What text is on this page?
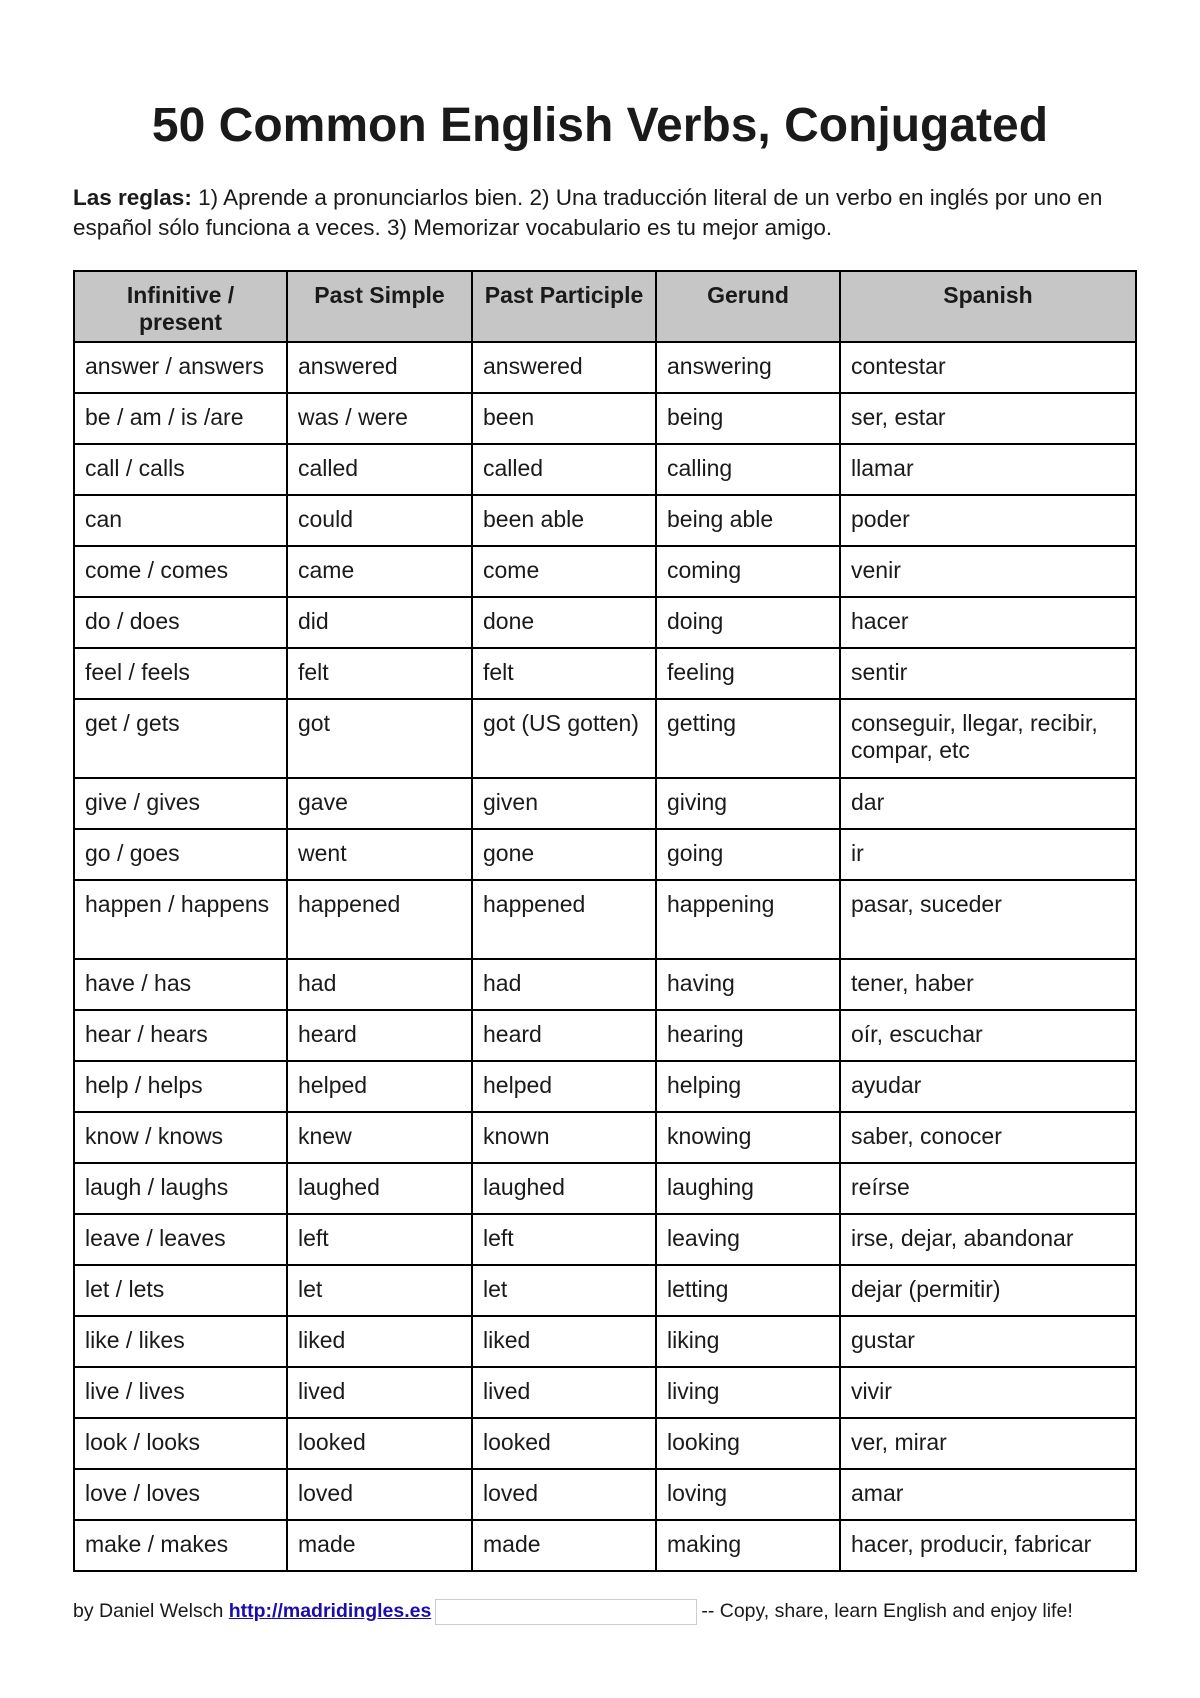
50 Common English Verbs, Conjugated

Las reglas: 1) Aprende a pronunciarlos bien. 2) Una traducción literal de un verbo en inglés por uno en español sólo funciona a veces. 3) Memorizar vocabulario es tu mejor amigo.

Infinitive / present	Past Simple	Past Participle	Gerund	Spanish
answer / answers	answered	answered	answering	contestar
be / am / is /are	was / were	been	being	ser, estar
call / calls	called	called	calling	llamar
can	could	been able	being able	poder
come / comes	came	come	coming	venir
do / does	did	done	doing	hacer
feel / feels	felt	felt	feeling	sentir
get / gets	got	got (US gotten)	getting	conseguir, llegar, recibir, compar, etc
give / gives	gave	given	giving	dar
go / goes	went	gone	going	ir
happen / happens	happened	happened	happening	pasar, suceder
have / has	had	had	having	tener, haber
hear / hears	heard	heard	hearing	oír, escuchar
help / helps	helped	helped	helping	ayudar
know / knows	knew	known	knowing	saber, conocer
laugh / laughs	laughed	laughed	laughing	reírse
leave / leaves	left	left	leaving	irse, dejar, abandonar
let / lets	let	let	letting	dejar (permitir)
like / likes	liked	liked	liking	gustar
live / lives	lived	lived	living	vivir
look / looks	looked	looked	looking	ver, mirar
love / loves	loved	loved	loving	amar
make / makes	made	made	making	hacer, producir, fabricar
by Daniel Welsch http://madridingles.es	-- Copy, share, learn English and enjoy life!
